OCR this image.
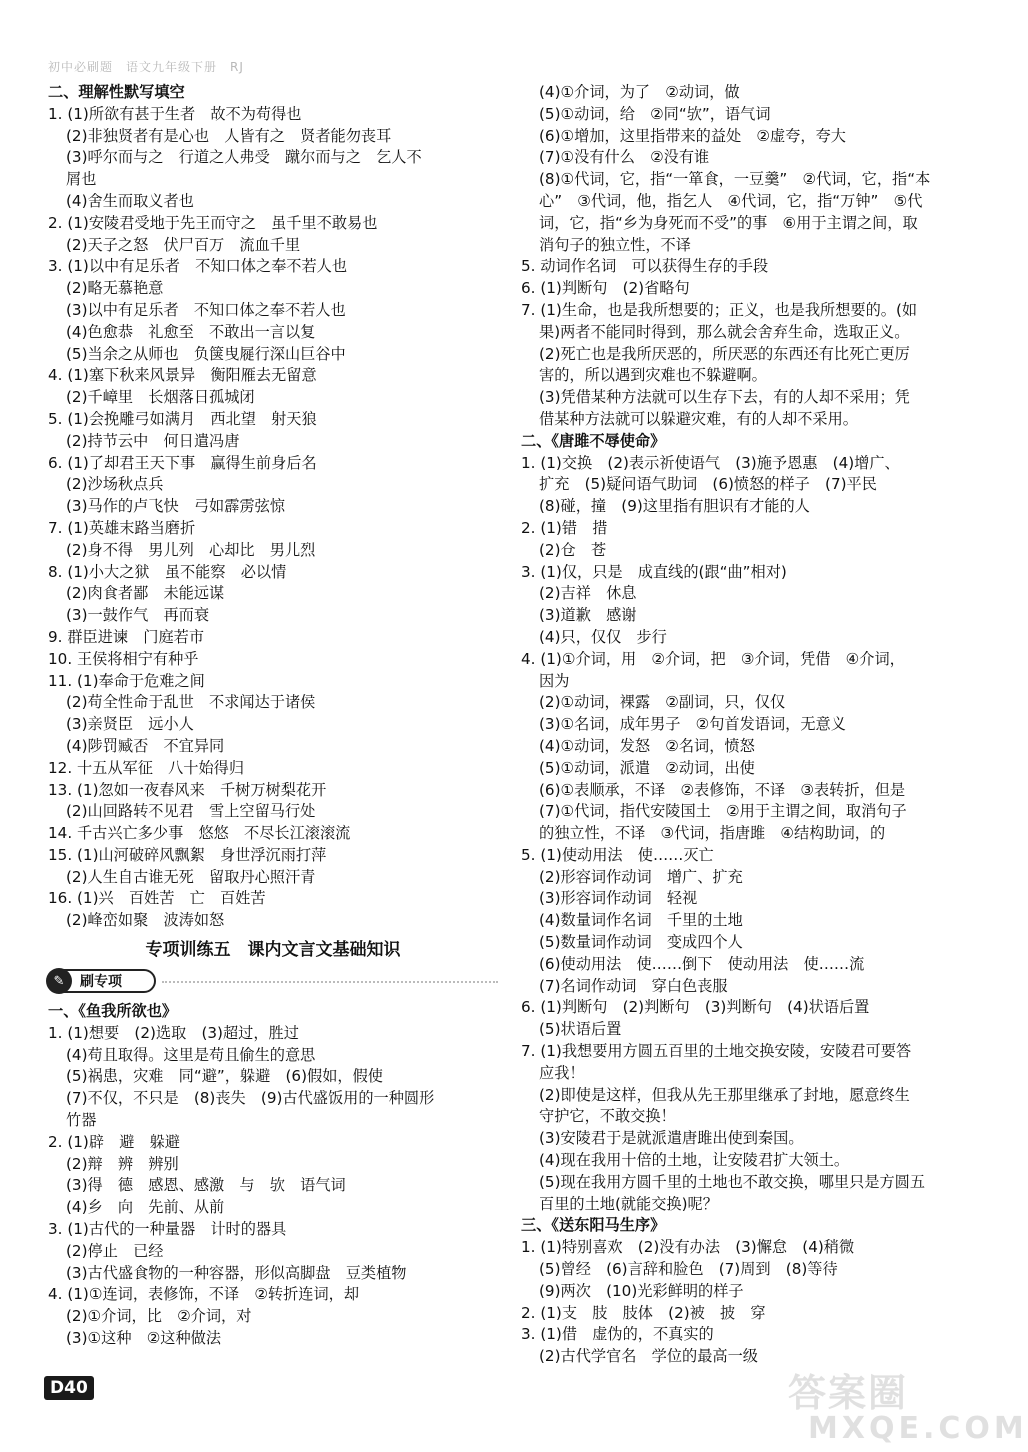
初中必刷题　语文九年级下册　RJ
二、理解性默写填空
1. (1)所欲有甚于生者　故不为苟得也
(2)非独贤者有是心也　人皆有之　贤者能勿丧耳
(3)呼尔而与之　行道之人弗受　蹴尔而与之　乞人不
屑也
(4)舍生而取义者也
2. (1)安陵君受地于先王而守之　虽千里不敢易也
(2)天子之怒　伏尸百万　流血千里
3. (1)以中有足乐者　不知口体之奉不若人也
(2)略无慕艳意
(3)以中有足乐者　不知口体之奉不若人也
(4)色愈恭　礼愈至　不敢出一言以复
(5)当余之从师也　负箧曳屣行深山巨谷中
4. (1)塞下秋来风景异　衡阳雁去无留意
(2)千嶂里　长烟落日孤城闭
5. (1)会挽雕弓如满月　西北望　射天狼
(2)持节云中　何日遣冯唐
6. (1)了却君王天下事　赢得生前身后名
(2)沙场秋点兵
(3)马作的卢飞快　弓如霹雳弦惊
7. (1)英雄末路当磨折
(2)身不得　男儿列　心却比　男儿烈
8. (1)小大之狱　虽不能察　必以情
(2)肉食者鄙　未能远谋
(3)一鼓作气　再而衰
9. 群臣进谏　门庭若市
10. 王侯将相宁有种乎
11. (1)奉命于危难之间
(2)苟全性命于乱世　不求闻达于诸侯
(3)亲贤臣　远小人
(4)陟罚臧否　不宜异同
12. 十五从军征　八十始得归
13. (1)忽如一夜春风来　千树万树梨花开
(2)山回路转不见君　雪上空留马行处
14. 千古兴亡多少事　悠悠　不尽长江滚滚流
15. (1)山河破碎风飘絮　身世浮沉雨打萍
(2)人生自古谁无死　留取丹心照汗青
16. (1)兴　百姓苦　亡　百姓苦
(2)峰峦如聚　波涛如怒
专项训练五　课内文言文基础知识
✎	刷专项
一、《鱼我所欲也》
1. (1)想要　(2)选取　(3)超过，胜过
(4)苟且取得。这里是苟且偷生的意思
(5)祸患，灾难　同“避”，躲避　(6)假如，假使
(7)不仅，不只是　(8)丧失　(9)古代盛饭用的一种圆形
竹器
2. (1)辟　避　躲避
(2)辩　辨　辨别
(3)得　德　感恩、感激　与　欤　语气词
(4)乡　向　先前、从前
3. (1)古代的一种量器　计时的器具
(2)停止　已经
(3)古代盛食物的一种容器，形似高脚盘　豆类植物
4. (1)①连词，表修饰，不译　②转折连词，却
(2)①介词，比　②介词，对
(3)①这种　②这种做法
(4)①介词，为了　②动词，做
(5)①动词，给　②同“欤”，语气词
(6)①增加，这里指带来的益处　②虚夸，夸大
(7)①没有什么　②没有谁
(8)①代词，它，指“一箪食，一豆羹”　②代词，它，指“本
心”　③代词，他，指乞人　④代词，它，指“万钟”　⑤代
词，它，指“乡为身死而不受”的事　⑥用于主谓之间，取
消句子的独立性，不译
5. 动词作名词　可以获得生存的手段
6. (1)判断句　(2)省略句
7. (1)生命，也是我所想要的；正义，也是我所想要的。(如
果)两者不能同时得到，那么就会舍弃生命，选取正义。
(2)死亡也是我所厌恶的，所厌恶的东西还有比死亡更厉
害的，所以遇到灾难也不躲避啊。
(3)凭借某种方法就可以生存下去，有的人却不采用；凭
借某种方法就可以躲避灾难，有的人却不采用。
二、《唐雎不辱使命》
1. (1)交换　(2)表示祈使语气　(3)施予恩惠　(4)增广、
扩充　(5)疑问语气助词　(6)愤怒的样子　(7)平民
(8)碰，撞　(9)这里指有胆识有才能的人
2. (1)错　措
(2)仓　苍
3. (1)仅，只是　成直线的(跟“曲”相对)
(2)吉祥　休息
(3)道歉　感谢
(4)只，仅仅　步行
4. (1)①介词，用　②介词，把　③介词，凭借　④介词，
因为
(2)①动词，裸露　②副词，只，仅仅
(3)①名词，成年男子　②句首发语词，无意义
(4)①动词，发怒　②名词，愤怒
(5)①动词，派遣　②动词，出使
(6)①表顺承，不译　②表修饰，不译　③表转折，但是
(7)①代词，指代安陵国土　②用于主谓之间，取消句子
的独立性，不译　③代词，指唐雎　④结构助词，的
5. (1)使动用法　使……灭亡
(2)形容词作动词　增广、扩充
(3)形容词作动词　轻视
(4)数量词作名词　千里的土地
(5)数量词作动词　变成四个人
(6)使动用法　使……倒下　使动用法　使……流
(7)名词作动词　穿白色丧服
6. (1)判断句　(2)判断句　(3)判断句　(4)状语后置
(5)状语后置
7. (1)我想要用方圆五百里的土地交换安陵，安陵君可要答
应我！
(2)即使是这样，但我从先王那里继承了封地，愿意终生
守护它，不敢交换！
(3)安陵君于是就派遣唐雎出使到秦国。
(4)现在我用十倍的土地，让安陵君扩大领土。
(5)现在我用方圆千里的土地也不敢交换，哪里只是方圆五
百里的土地(就能交换)呢？
三、《送东阳马生序》
1. (1)特别喜欢　(2)没有办法　(3)懈怠　(4)稍微
(5)曾经　(6)言辞和脸色　(7)周到　(8)等待
(9)两次　(10)光彩鲜明的样子
2. (1)支　肢　肢体　(2)被　披　穿
3. (1)借　虚伪的，不真实的
(2)古代学官名　学位的最高一级
D40	答案圈
MXQE.COM
